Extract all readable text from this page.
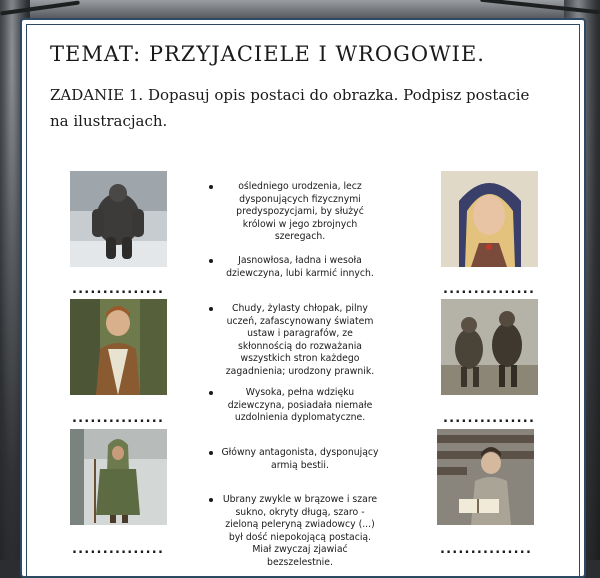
TEMAT: PRZYJACIELE I WROGOWIE.

ZADANIE 1. Dopasuj opis postaci do obrazka. Podpisz postacie na ilustracjach.

...............
...............
...............
...............
...............
...............
ośledniego urodzenia, lecz dysponujących fizycznymi predyspozycjami, by służyć królowi w jego zbrojnych szeregach.
Jasnowłosa, ładna i wesoła dziewczyna, lubi karmić innych.
Chudy, żylasty chłopak, pilny uczeń, zafascynowany światem ustaw i paragrafów, ze skłonnością do rozważania wszystkich stron każdego zagadnienia; urodzony prawnik.
Wysoka, pełna wdzięku dziewczyna, posiadała niemałe uzdolnienia dyplomatyczne.
Główny antagonista, dysponujący armią bestii.
Ubrany zwykle w brązowe i szare sukno, okryty długą, szaro - zieloną peleryną zwiadowcy (...) był dość niepokojącą postacią. Miał zwyczaj zjawiać bezszelestnie.
